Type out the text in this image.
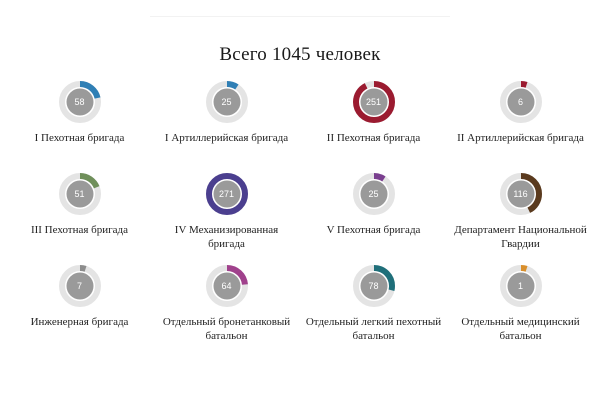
Всего 1045 человек
58
I Пехотная бригада
25
I Артиллерийская бригада
251
II Пехотная бригада
6
II Артиллерийская бригада
51
III Пехотная бригада
271
IV Механизированная бригада
25
V Пехотная бригада
116
Департамент Национальной Гвардии
7
Инженерная бригада
64
Отдельный бронетанковый батальон
78
Отдельный легкий пехотный батальон
1
Отдельный медицинский батальон
